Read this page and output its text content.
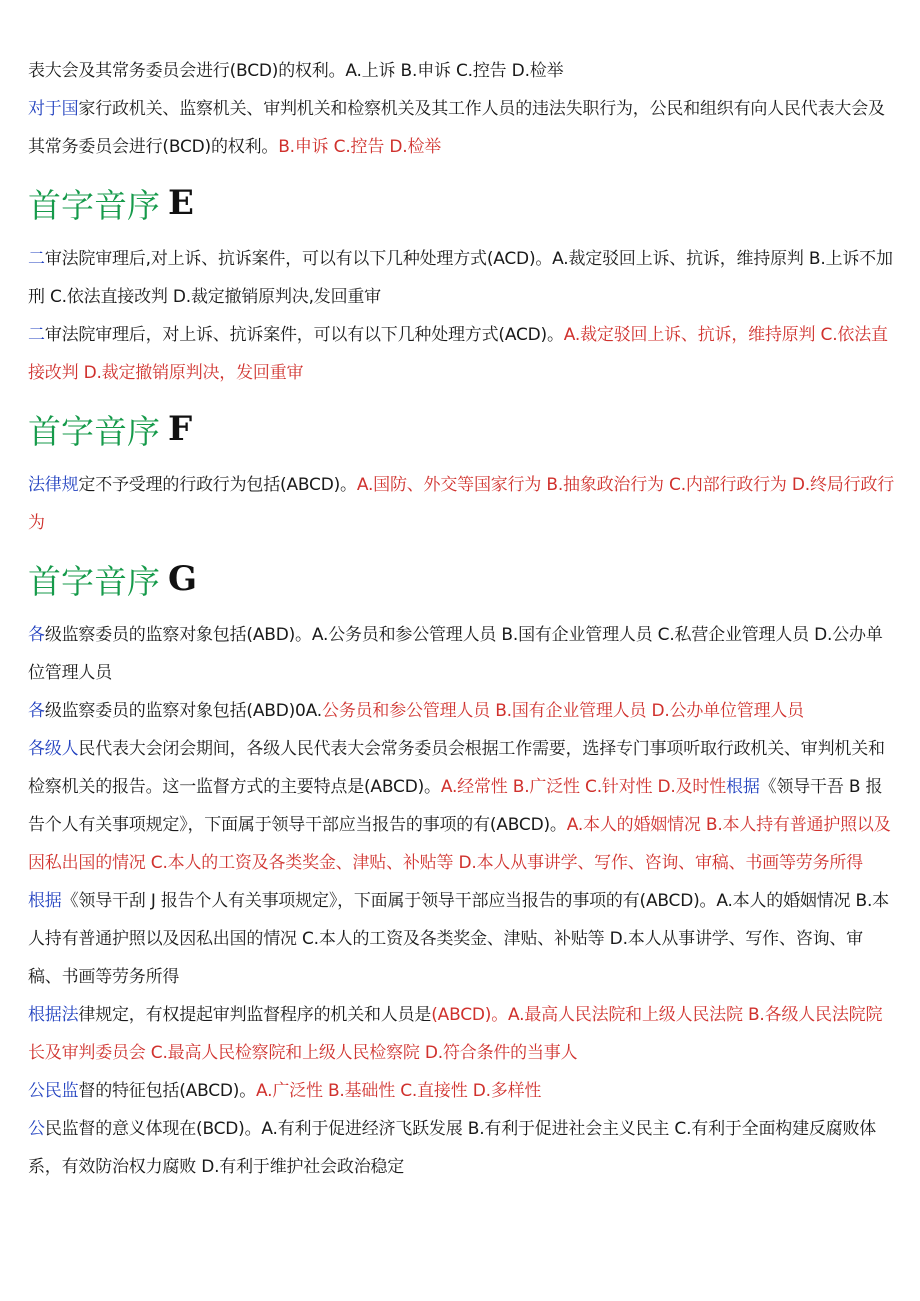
表大会及其常务委员会进行(BCD)的权利。A.上诉 B.申诉 C.控告 D.检举

对于国家行政机关、监察机关、审判机关和检察机关及其工作人员的违法失职行为，公民和组织有向人民代表大会及其常务委员会进行(BCD)的权利。B.申诉 C.控告 D.检举

首字音序 E

二审法院审理后,对上诉、抗诉案件，可以有以下几种处理方式(ACD)。A.裁定驳回上诉、抗诉，维持原判 B.上诉不加刑 C.依法直接改判 D.裁定撤销原判决,发回重审

二审法院审理后，对上诉、抗诉案件，可以有以下几种处理方式(ACD)。A.裁定驳回上诉、抗诉，维持原判 C.依法直接改判 D.裁定撤销原判决，发回重审

首字音序 F

法律规定不予受理的行政行为包括(ABCD)。A.国防、外交等国家行为 B.抽象政治行为 C.内部行政行为 D.终局行政行为

首字音序 G

各级监察委员的监察对象包括(ABD)。A.公务员和参公管理人员 B.国有企业管理人员 C.私营企业管理人员 D.公办单位管理人员

各级监察委员的监察对象包括(ABD)0A.公务员和参公管理人员 B.国有企业管理人员 D.公办单位管理人员

各级人民代表大会闭会期间，各级人民代表大会常务委员会根据工作需要，选择专门事项听取行政机关、审判机关和检察机关的报告。这一监督方式的主要特点是(ABCD)。A.经常性 B.广泛性 C.针对性 D.及时性根据《领导干吾 B 报告个人有关事项规定》，下面属于领导干部应当报告的事项的有(ABCD)。A.本人的婚姻情况 B.本人持有普通护照以及因私出国的情况 C.本人的工资及各类奖金、津贴、补贴等 D.本人从事讲学、写作、咨询、审稿、书画等劳务所得

根据《领导干刮 J 报告个人有关事项规定》，下面属于领导干部应当报告的事项的有(ABCD)。A.本人的婚姻情况 B.本人持有普通护照以及因私出国的情况 C.本人的工资及各类奖金、津贴、补贴等 D.本人从事讲学、写作、咨询、审稿、书画等劳务所得

根据法律规定，有权提起审判监督程序的机关和人员是(ABCD)。A.最高人民法院和上级人民法院 B.各级人民法院院长及审判委员会 C.最高人民检察院和上级人民检察院 D.符合条件的当事人

公民监督的特征包括(ABCD)。A.广泛性 B.基础性 C.直接性 D.多样性

公民监督的意义体现在(BCD)。A.有利于促进经济飞跃发展 B.有利于促进社会主义民主 C.有利于全面构建反腐败体系，有效防治权力腐败 D.有利于维护社会政治稳定
